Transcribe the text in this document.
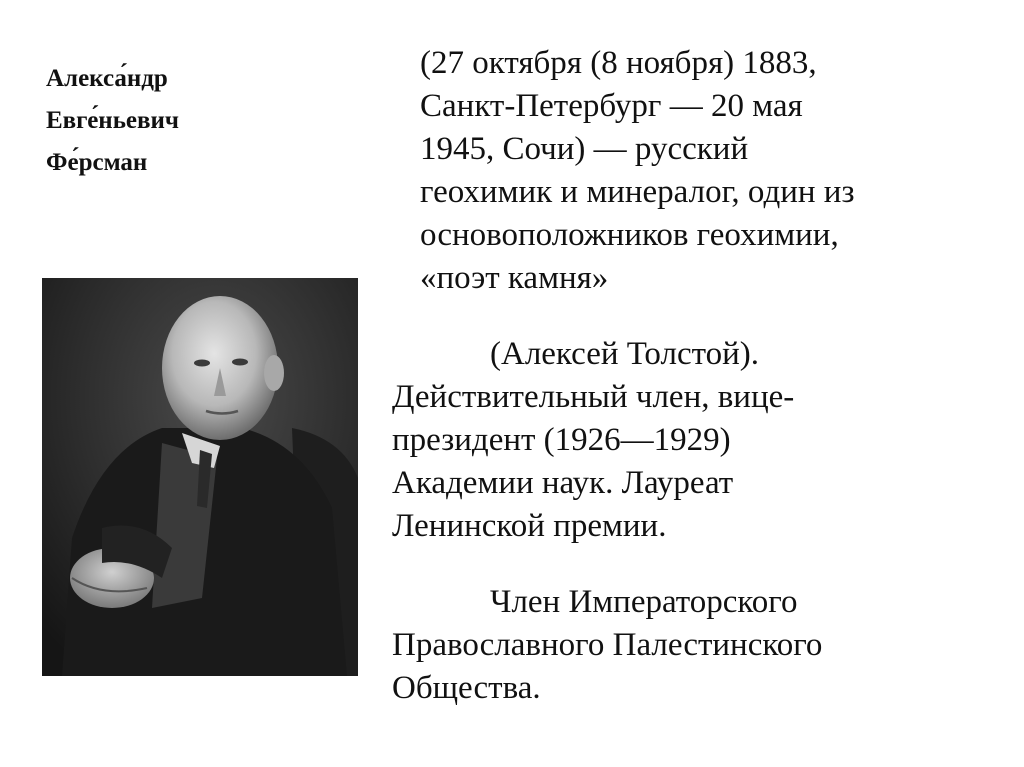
Алекса́ндр
Евге́ньевич
Фе́рсман
(27 октября (8 ноября) 1883,
Санкт-Петербург — 20 мая
1945, Сочи) — русский
геохимик и минералог, один из
основоположников геохимии,
«поэт камня»
(Алексей Толстой).
Действительный член, вице-
президент (1926—1929)
Академии наук. Лауреат
Ленинской премии.
Член Императорского
Православного Палестинского
Общества.
